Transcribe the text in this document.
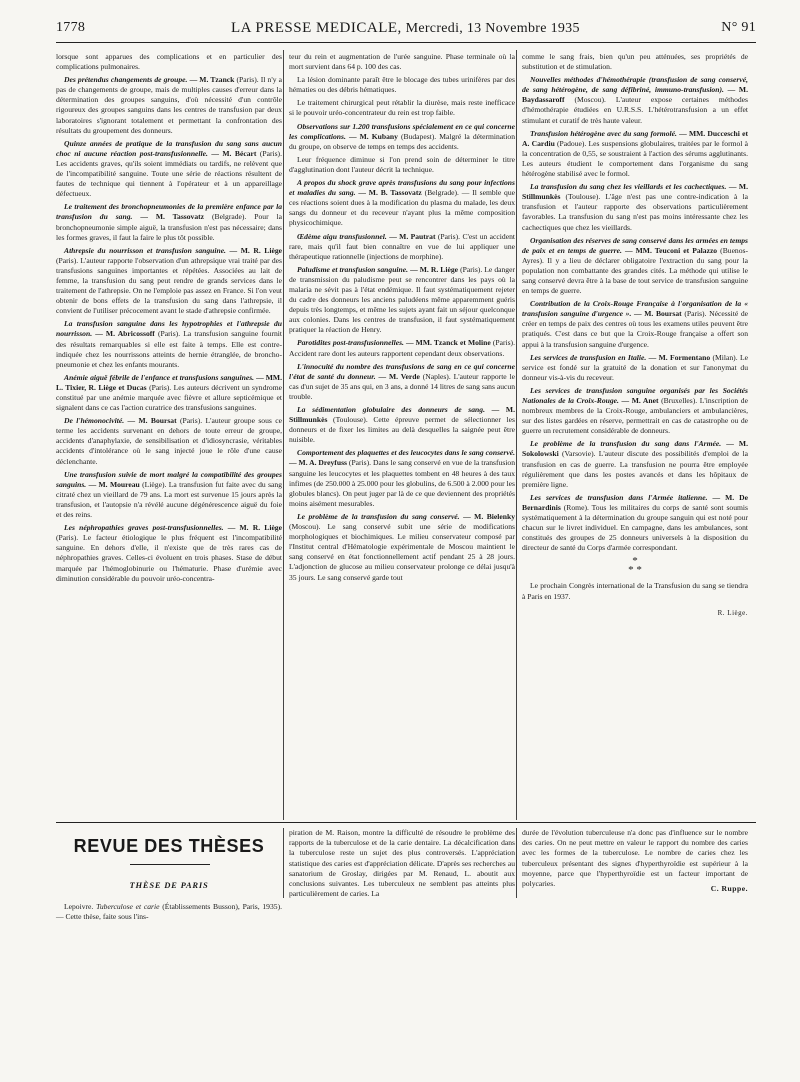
1778	LA PRESSE MEDICALE, Mercredi, 13 Novembre 1935	N° 91

lorsque sont apparues des complications et en particulier des complications pulmonaires.

Des prétendus changements de groupe. — M. Tzanck (Paris). Il n'y a pas de changements de groupe, mais de multiples causes d'erreur dans la détermination des groupes sanguins, d'où nécessité d'un contrôle rigoureux des groupes sanguins dans les centres de transfusion par deux laboratoires s'ignorant totalement et permettant la confrontation des résultats du groupement des donneurs.

Quinze années de pratique de la transfusion du sang sans aucun choc ni aucune réaction post-transfusionnelle. — M. Bécart (Paris). Les accidents graves, qu'ils soient immédiats ou tardifs, ne relèvent que de l'incompatibilité sanguine. Toute une série de réactions résultent de fautes de technique qui tiennent à l'opérateur et à un appareillage défectueux.

Le traitement des bronchopneumonies de la première enfance par la transfusion du sang. — M. Tassovatz (Belgrade). Pour la bronchopneumonie simple aiguë, la transfusion n'est pas nécessaire; dans les formes graves, il faut la faire le plus tôt possible.

Athrepsie du nourrisson et transfusion sanguine. — M. R. Liège (Paris). L'auteur rapporte l'observation d'un athrepsique vrai traité par des transfusions sanguines importantes et répétées. Associées au lait de femme, la transfusion du sang peut rendre de grands services dans le traitement de l'athrepsie. On ne l'emploie pas assez en France. Si l'on veut obtenir de bons effets de la transfusion du sang dans l'athrepsie, il convient de l'utiliser précocement avant le stade d'athrepsie confirmée.

La transfusion sanguine dans les hypotrophies et l'athrepsie du nourrisson. — M. Abricossoff (Paris). La transfusion sanguine fournit des résultats remarquables si elle est faite à temps. Elle est contre-indiquée chez les nourrissons atteints de hernie étranglée, de broncho-pneumonie et chez les enfants mourants.

Anémie aiguë fébrile de l'enfance et transfusions sanguines. — MM. L. Tixier, R. Liège et Ducas (Paris). Les auteurs décrivent un syndrome constitué par une anémie marquée avec fièvre et allure septicémique et signalent dans ce cas l'action curatrice des transfusions sanguines.

De l'hémonocivité. — M. Boursat (Paris). L'auteur groupe sous ce terme les accidents survenant en dehors de toute erreur de groupe, accidents d'anaphylaxie, de sensibilisation et d'idiosyncrasie, véritables accidents d'intolérance où le sang injecté joue le rôle d'une cause déclenchante.

Une transfusion suivie de mort malgré la compatibilité des groupes sanguins. — M. Moureau (Liège). La transfusion fut faite avec du sang citraté chez un vieillard de 79 ans. La mort est survenue 15 jours après la transfusion, et l'autopsie n'a révélé aucune dégénérescence aiguë du foie et des reins.

Les néphropathies graves post-transfusionnelles. — M. R. Liège (Paris). Le facteur étiologique le plus fréquent est l'incompatibilité sanguine. En dehors d'elle, il n'existe que de très rares cas de néphropathies graves. Celles-ci évoluent en trois phases. Stase de début marquée par l'hémoglobinurie ou l'hématurie. Phase d'urémie avec diminution considérable du pouvoir uréo-concentra-

teur du rein et augmentation de l'urée sanguine. Phase terminale où la mort survient dans 64 p. 100 des cas.

La lésion dominante paraît être le blocage des tubes urinifères par des hématies ou des débris hématiques.

Le traitement chirurgical peut rétablir la diurèse, mais reste inefficace si le pouvoir uréo-concentrateur du rein est trop faible.

Observations sur 1.200 transfusions spécialement en ce qui concerne les complications. — M. Kubany (Budapest). Malgré la détermination du groupe, on observe de temps en temps des accidents.

Leur fréquence diminue si l'on prend soin de déterminer le titre d'agglutination dont l'auteur décrit la technique.

A propos du shock grave après transfusions du sang pour infections et maladies du sang. — M. B. Tassovatz (Belgrade). — Il semble que ces réactions soient dues à la modification du plasma du malade, les deux sangs du donneur et du receveur n'ayant plus la même composition physicochimique.

Œdème aigu transfusionnel. — M. Pautrat (Paris). C'est un accident rare, mais qu'il faut bien connaître en vue de lui appliquer une thérapeutique rationnelle (injections de morphine).

Paludisme et transfusion sanguine. — M. R. Liège (Paris). Le danger de transmission du paludisme peut se rencontrer dans les pays où la malaria ne sévit pas à l'état endémique. Il faut systématiquement rejeter du cadre des donneurs les anciens paludéens même apparemment guéris depuis très longtemps, et même les sujets ayant fait un séjour quelconque aux colonies. Dans les centres de transfusion, il faut systématiquement pratiquer la réaction de Henry.

Parotidites post-transfusionnelles. — MM. Tzanck et Moline (Paris). Accident rare dont les auteurs rapportent cependant deux observations.

L'innocuité du nombre des transfusions de sang en ce qui concerne l'état de santé du donneur. — M. Verde (Naples). L'auteur rapporte le cas d'un sujet de 35 ans qui, en 3 ans, a donné 14 litres de sang sans aucun trouble.

La sédimentation globulaire des donneurs de sang. — M. Stillmunkès (Toulouse). Cette épreuve permet de sélectionner les donneurs et de fixer les limites au delà desquelles la saignée peut être nuisible.

Comportement des plaquettes et des leucocytes dans le sang conservé. — M. A. Dreyfuss (Paris). Dans le sang conservé en vue de la transfusion sanguine les leucocytes et les plaquettes tombent en 48 heures à des taux infimes (de 250.000 à 25.000 pour les globulins, de 6.500 à 2.000 pour les globules blancs). On peut juger par là de ce que deviennent des propriétés moins aisément mesurables.

Le problème de la transfusion du sang conservé. — M. Bielenky (Moscou). Le sang conservé subit une série de modifications morphologiques et biochimiques. Le milieu conservateur composé par l'Institut central d'Hématologie expérimentale de Moscou maintient le sang conservé en état fonctionnellement actif pendant 25 à 28 jours. L'adjonction de glucose au milieu conservateur prolonge ce délai jusqu'à 35 jours. Le sang conservé garde tout

comme le sang frais, bien qu'un peu atténuées, ses propriétés de substitution et de stimulation.

Nouvelles méthodes d'hémothérapie (transfusion de sang conservé, de sang hétérogène, de sang défibriné, immuno-transfusion). — M. Baydassaroff (Moscou). L'auteur expose certaines méthodes d'hémothérapie étudiées en U.R.S.S. L'hétérotransfusion a un effet stimulant et curatif de très haute valeur.

Transfusion hétérogène avec du sang formolé. — MM. Ducceschi et A. Cardiu (Padoue). Les suspensions globulaires, traitées par le formol à la concentration de 0,55, se soustraient à l'action des sérums agglutinants. Les auteurs étudient le comportement dans l'organisme du sang hétérogène stabilisé avec le formol.

La transfusion du sang chez les vieillards et les cachectiques. — M. Stillmunkès (Toulouse). L'âge n'est pas une contre-indication à la transfusion et l'auteur rapporte des observations particulièrement favorables. La transfusion du sang n'est pas moins intéressante chez les cachectiques que chez les vieillards.

Organisation des réserves de sang conservé dans les armées en temps de paix et en temps de guerre. — MM. Teuconi et Palazzo (Buenos-Ayres). Il y a lieu de déclarer obligatoire l'extraction du sang pour la population non combattante des grandes cités. La méthode qui utilise le sang conservé devra être à la base de tout service de transfusion sanguine en temps de guerre.

Contribution de la Croix-Rouge Française à l'organisation de la « transfusion sanguine d'urgence ». — M. Boursat (Paris). Nécessité de créer en temps de paix des centres où tous les examens utiles peuvent être pratiqués. C'est dans ce but que la Croix-Rouge française a offert son appui à la transfusion sanguine d'urgence.

Les services de transfusion en Italie. — M. Formentano (Milan). Le service est fondé sur la gratuité de la donation et sur l'anonymat du donneur vis-à-vis du receveur.

Les services de transfusion sanguine organisés par les Sociétés Nationales de la Croix-Rouge. — M. Anet (Bruxelles). L'inscription de nombreux membres de la Croix-Rouge, ambulanciers et ambulancières, sur des listes gardées en réserve, permettrait en cas de catastrophe ou de guerre un recrutement considérable de donneurs.

Le problème de la transfusion du sang dans l'Armée. — M. Sokolowski (Varsovie). L'auteur discute des possibilités d'emploi de la transfusion en cas de guerre. La transfusion ne pourra être employée régulièrement que dans les postes avancés et dans les hôpitaux de première ligne.

Les services de transfusion dans l'Armée italienne. — M. De Bernardinis (Rome). Tous les militaires du corps de santé sont soumis systématiquement à la détermination du groupe sanguin qui est noté pour chacun sur le livret individuel. En campagne, dans les ambulances, sont constitués des groupes de 25 donneurs universels à la disposition du directeur de santé du Corps d'armée correspondant.

*
* *

Le prochain Congrès international de la Transfusion du sang se tiendra à Paris en 1937.

R. Liège.
REVUE DES THÈSES
THÈSE DE PARIS

Lepoivre. Tuberculose et carie (Établissements Busson), Paris, 1935). — Cette thèse, faite sous l'ins-

piration de M. Raison, montre la difficulté de résoudre le problème des rapports de la tuberculose et de la carie dentaire. La décalcification dans la tuberculose reste un sujet des plus controversés. L'appréciation statistique des caries est d'appréciation délicate. D'après ses recherches au sanatorium de Groslay, dirigées par M. Renaud, L. aboutit aux conclusions suivantes. Les tuberculeux ne semblent pas atteints plus particulièrement de caries. La

durée de l'évolution tuberculeuse n'a donc pas d'influence sur le nombre des caries. On ne peut mettre en valeur le rapport du nombre des caries avec les formes de la tuberculose. Le nombre de caries chez les tuberculeux présentant des signes d'hyperthyroïdie est supérieur à la moyenne, parce que l'hyperthyroïdie est un facteur important de polycaries.

C. Ruppe.
